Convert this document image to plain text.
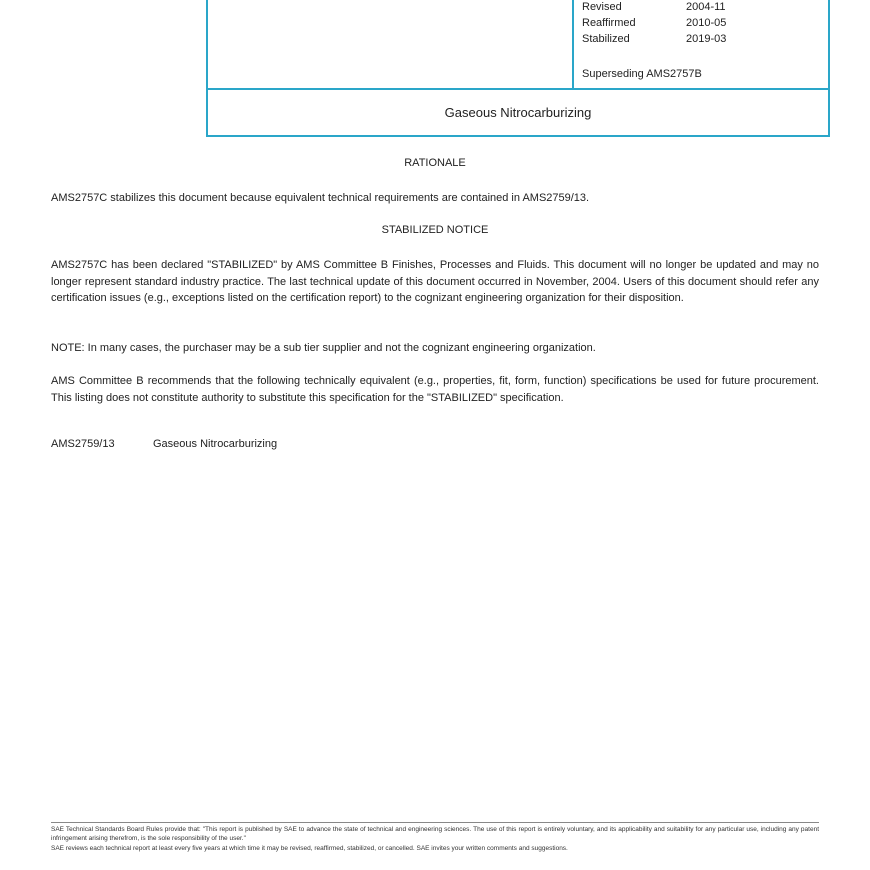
Revised	2004-11
Reaffirmed	2010-05
Stabilized	2019-03
Superseding AMS2757B
Gaseous Nitrocarburizing
RATIONALE

AMS2757C stabilizes this document because equivalent technical requirements are contained in AMS2759/13.

STABILIZED NOTICE

AMS2757C has been declared "STABILIZED" by AMS Committee B Finishes, Processes and Fluids. This document will no longer be updated and may no longer represent standard industry practice. The last technical update of this document occurred in November, 2004. Users of this document should refer any certification issues (e.g., exceptions listed on the certification report) to the cognizant engineering organization for their disposition.

NOTE: In many cases, the purchaser may be a sub tier supplier and not the cognizant engineering organization.

AMS Committee B recommends that the following technically equivalent (e.g., properties, fit, form, function) specifications be used for future procurement. This listing does not constitute authority to substitute this specification for the "STABILIZED" specification.

AMS2759/13	Gaseous Nitrocarburizing

SAE Technical Standards Board Rules provide that: "This report is published by SAE to advance the state of technical and engineering sciences. The use of this report is entirely voluntary, and its applicability and suitability for any particular use, including any patent infringement arising therefrom, is the sole responsibility of the user."

SAE reviews each technical report at least every five years at which time it may be revised, reaffirmed, stabilized, or cancelled. SAE invites your written comments and suggestions.
